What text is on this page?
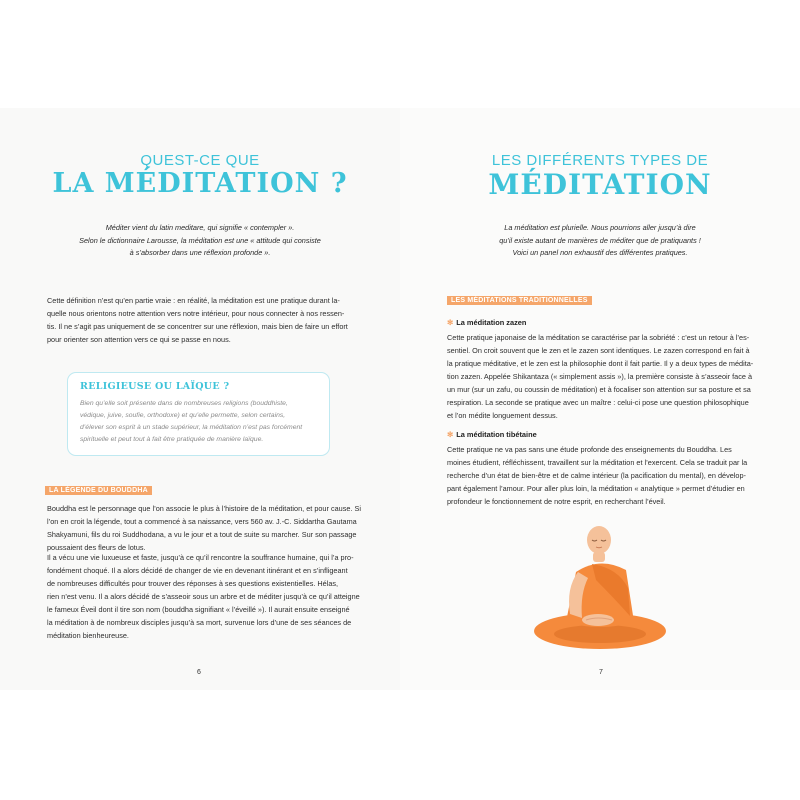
QUEST-CE QUE
LA MÉDITATION ?
Méditer vient du latin meditare, qui signifie « contempler ».
Selon le dictionnaire Larousse, la méditation est une « attitude qui consiste
à s’absorber dans une réflexion profonde ».
Cette définition n’est qu’en partie vraie : en réalité, la méditation est une pratique durant la-
quelle nous orientons notre attention vers notre intérieur, pour nous connecter à nos ressen-
tis. Il ne s’agit pas uniquement de se concentrer sur une réflexion, mais bien de faire un effort
pour orienter son attention vers ce qui se passe en nous.
RELIGIEUSE OU LAÏQUE ?
Bien qu’elle soit présente dans de nombreuses religions (bouddhiste,
védique, juive, soufie, orthodoxe) et qu’elle permette, selon certains,
d’élever son esprit à un stade supérieur, la méditation n’est pas forcément
spirituelle et peut tout à fait être pratiquée de manière laïque.
LA LÉGENDE DU BOUDDHA
Bouddha est le personnage que l’on associe le plus à l’histoire de la méditation, et pour cause. Si
l’on en croit la légende, tout a commencé à sa naissance, vers 560 av. J.-C. Siddartha Gautama
Shakyamuni, fils du roi Suddhodana, a vu le jour et a tout de suite su marcher. Sur son passage
poussaient des fleurs de lotus.
Il a vécu une vie luxueuse et faste, jusqu’à ce qu’il rencontre la souffrance humaine, qui l’a pro-
fondément choqué. Il a alors décidé de changer de vie en devenant itinérant et en s’infligeant
de nombreuses difficultés pour trouver des réponses à ses questions existentielles. Hélas,
rien n’est venu. Il a alors décidé de s’asseoir sous un arbre et de méditer jusqu’à ce qu’il atteigne
le fameux Éveil dont il tire son nom (bouddha signifiant « l’éveillé »). Il aurait ensuite enseigné
la méditation à de nombreux disciples jusqu’à sa mort, survenue lors d’une de ses séances de
méditation bienheureuse.
6
LES DIFFÉRENTS TYPES DE
MÉDITATION
La méditation est plurielle. Nous pourrions aller jusqu’à dire
qu’il existe autant de manières de méditer que de pratiquants !
Voici un panel non exhaustif des différentes pratiques.
LES MÉDITATIONS TRADITIONNELLES
✻ La méditation zazen
Cette pratique japonaise de la méditation se caractérise par la sobriété : c’est un retour à l’es-
sentiel. On croit souvent que le zen et le zazen sont identiques. Le zazen correspond en fait à
la pratique méditative, et le zen est la philosophie dont il fait partie. Il y a deux types de médita-
tion zazen. Appelée Shikantaza (« simplement assis »), la première consiste à s’asseoir face à
un mur (sur un zafu, ou coussin de méditation) et à focaliser son attention sur sa posture et sa
respiration. La seconde se pratique avec un maître : celui-ci pose une question philosophique
et l’on médite longuement dessus.
✻ La méditation tibétaine
Cette pratique ne va pas sans une étude profonde des enseignements du Bouddha. Les
moines étudient, réfléchissent, travaillent sur la méditation et l’exercent. Cela se traduit par la
recherche d’un état de bien-être et de calme intérieur (la pacification du mental), en dévelop-
pant également l’amour. Pour aller plus loin, la méditation « analytique » permet d’étudier en
profondeur le fonctionnement de notre esprit, en recherchant l’éveil.
7
